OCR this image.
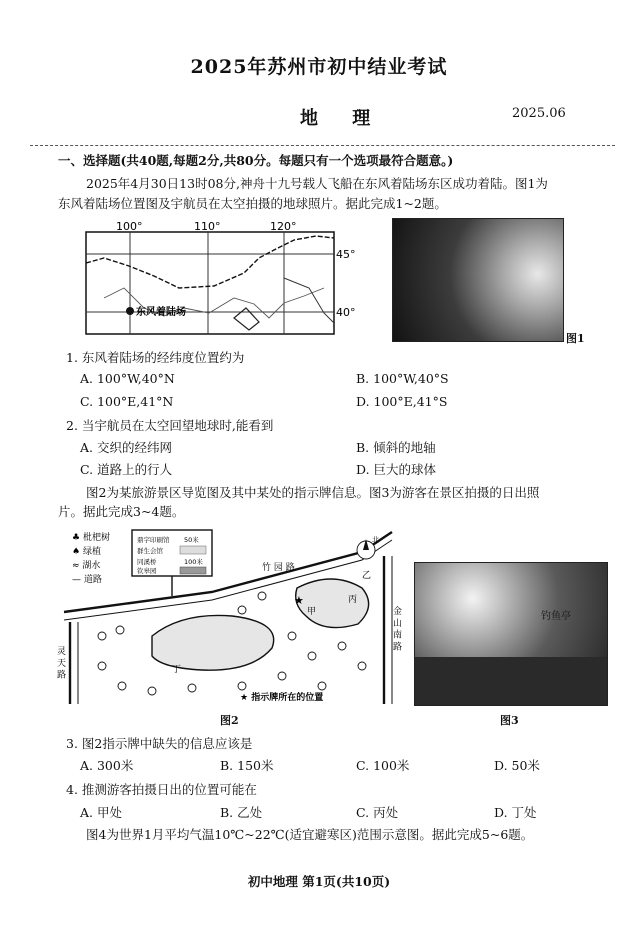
2025年苏州市初中结业考试
地 理	2025.06
一、选择题(共40题,每题2分,共80分。每题只有一个选项最符合题意。)
2025年4月30日13时08分,神舟十九号载人飞船在东风着陆场东区成功着陆。图1为
东风着陆场位置图及宇航员在太空拍摄的地球照片。据此完成1~2题。
100°	110°	120°
45°
40°
东风着陆场
图1
1. 东风着陆场的经纬度位置约为
A. 100°W,40°N	B. 100°W,40°S
C. 100°E,41°N	D. 100°E,41°S
2. 当宇航员在太空回望地球时,能看到
A. 交织的经纬网	B. 倾斜的地轴
C. 道路上的行人	D. 巨大的球体
图2为某旅游景区导览图及其中某处的指示牌信息。图3为游客在景区拍摄的日出照
片。据此完成3~4题。
♣ 枇杷树
♠ 绿植
≈ 湖水
— 道路
鼎字印刷馆 50米
群生会馆
同溪桥	100米
钦皋园
★
甲
乙
丙
丁
北
竹 园 路
金 山 南 路
灵 天 路
★ 指示牌所在的位置
图2
钓鱼亭
图3
3. 图2指示牌中缺失的信息应该是
A. 300米	B. 150米	C. 100米	D. 50米
4. 推测游客拍摄日出的位置可能在
A. 甲处	B. 乙处	C. 丙处	D. 丁处
图4为世界1月平均气温10℃~22℃(适宜避寒区)范围示意图。据此完成5~6题。
初中地理 第1页(共10页)
